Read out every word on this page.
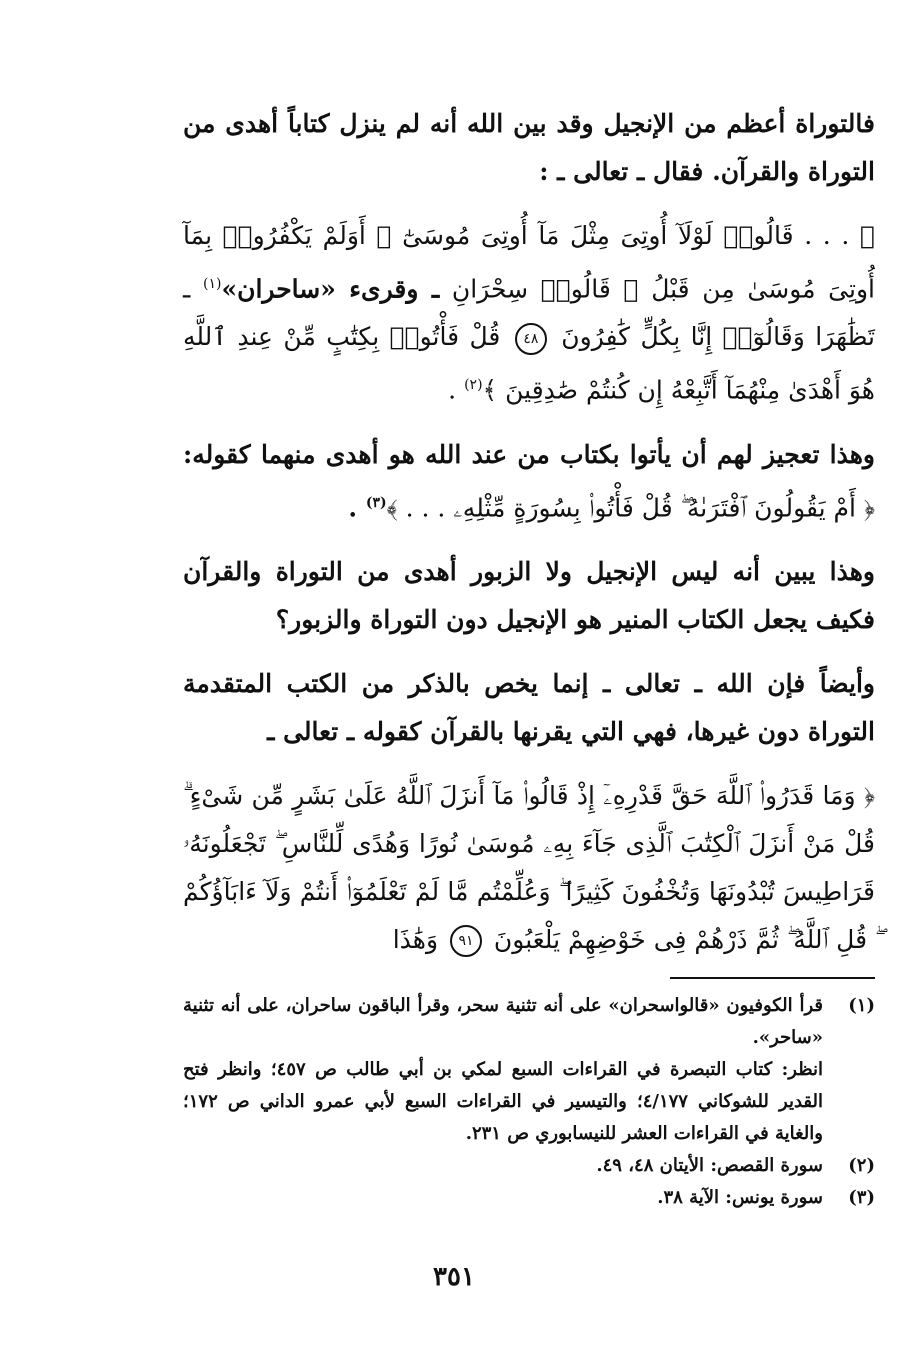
فالتوراة أعظم من الإنجيل وقد بين الله أنه لم ينزل كتاباً أهدى من التوراة والقرآن. فقال ـ تعالى ـ :

﴿ . . . قَالُوا۟ لَوْلَآ أُوتِىَ مِثْلَ مَآ أُوتِىَ مُوسَىٰٓ ۚ أَوَلَمْ يَكْفُرُوا۟ بِمَآ أُوتِىَ مُوسَىٰ مِن قَبْلُ ۖ قَالُوا۟ سِحْرَانِ ـ وقرىء «ساحران»$^{(١)}$ ـ تَظَٰهَرَا وَقَالُوٓا۟ إِنَّا بِكُلٍّ كَٰفِرُونَ ٤٨ قُلْ فَأْتُوا۟ بِكِتَٰبٍ مِّنْ عِندِ ٱللَّهِ هُوَ أَهْدَىٰ مِنْهُمَآ أَتَّبِعْهُ إِن كُنتُمْ صَٰدِقِينَ ﴾$^{(٢)}$ .

وهذا تعجيز لهم أن يأتوا بكتاب من عند الله هو أهدى منهما كقوله: ﴿ أَمْ يَقُولُونَ ٱفْتَرَىٰهُ ۖ قُلْ فَأْتُوا۟ بِسُورَةٍ مِّثْلِهِۦ . . . ﴾$^{(٣)}$ .

وهذا يبين أنه ليس الإنجيل ولا الزبور أهدى من التوراة والقرآن فكيف يجعل الكتاب المنير هو الإنجيل دون التوراة والزبور؟

وأيضاً فإن الله ـ تعالى ـ إنما يخص بالذكر من الكتب المتقدمة التوراة دون غيرها، فهي التي يقرنها بالقرآن كقوله ـ تعالى ـ

﴿ وَمَا قَدَرُوا۟ ٱللَّهَ حَقَّ قَدْرِهِۦٓ إِذْ قَالُوا۟ مَآ أَنزَلَ ٱللَّهُ عَلَىٰ بَشَرٍ مِّن شَىْءٍ ۗ قُلْ مَنْ أَنزَلَ ٱلْكِتَٰبَ ٱلَّذِى جَآءَ بِهِۦ مُوسَىٰ نُورًا وَهُدًى لِّلنَّاسِ ۖ تَجْعَلُونَهُۥ قَرَاطِيسَ تُبْدُونَهَا وَتُخْفُونَ كَثِيرًا ۖ وَعُلِّمْتُم مَّا لَمْ تَعْلَمُوٓا۟ أَنتُمْ وَلَآ ءَابَآؤُكُمْ ۖ قُلِ ٱللَّهُ ۖ ثُمَّ ذَرْهُمْ فِى خَوْضِهِمْ يَلْعَبُونَ ٩١ وَهَٰذَا

(١)
قرأ الكوفيون «قالواسحران» على أنه تثنية سحر، وقرأ الباقون ساحران، على أنه تثنية «ساحر».
انظر: كتاب التبصرة في القراءات السبع لمكي بن أبي طالب ص ٤٥٧؛ وانظر فتح القدير للشوكاني ٤/١٧٧؛ والتيسير في القراءات السبع لأبي عمرو الداني ص ١٧٢؛ والغاية في القراءات العشر للنيسابوري ص ٢٣١.
(٢)
سورة القصص: الأيتان ٤٨، ٤٩.
(٣)
سورة يونس: الآية ٣٨.
٣٥١
